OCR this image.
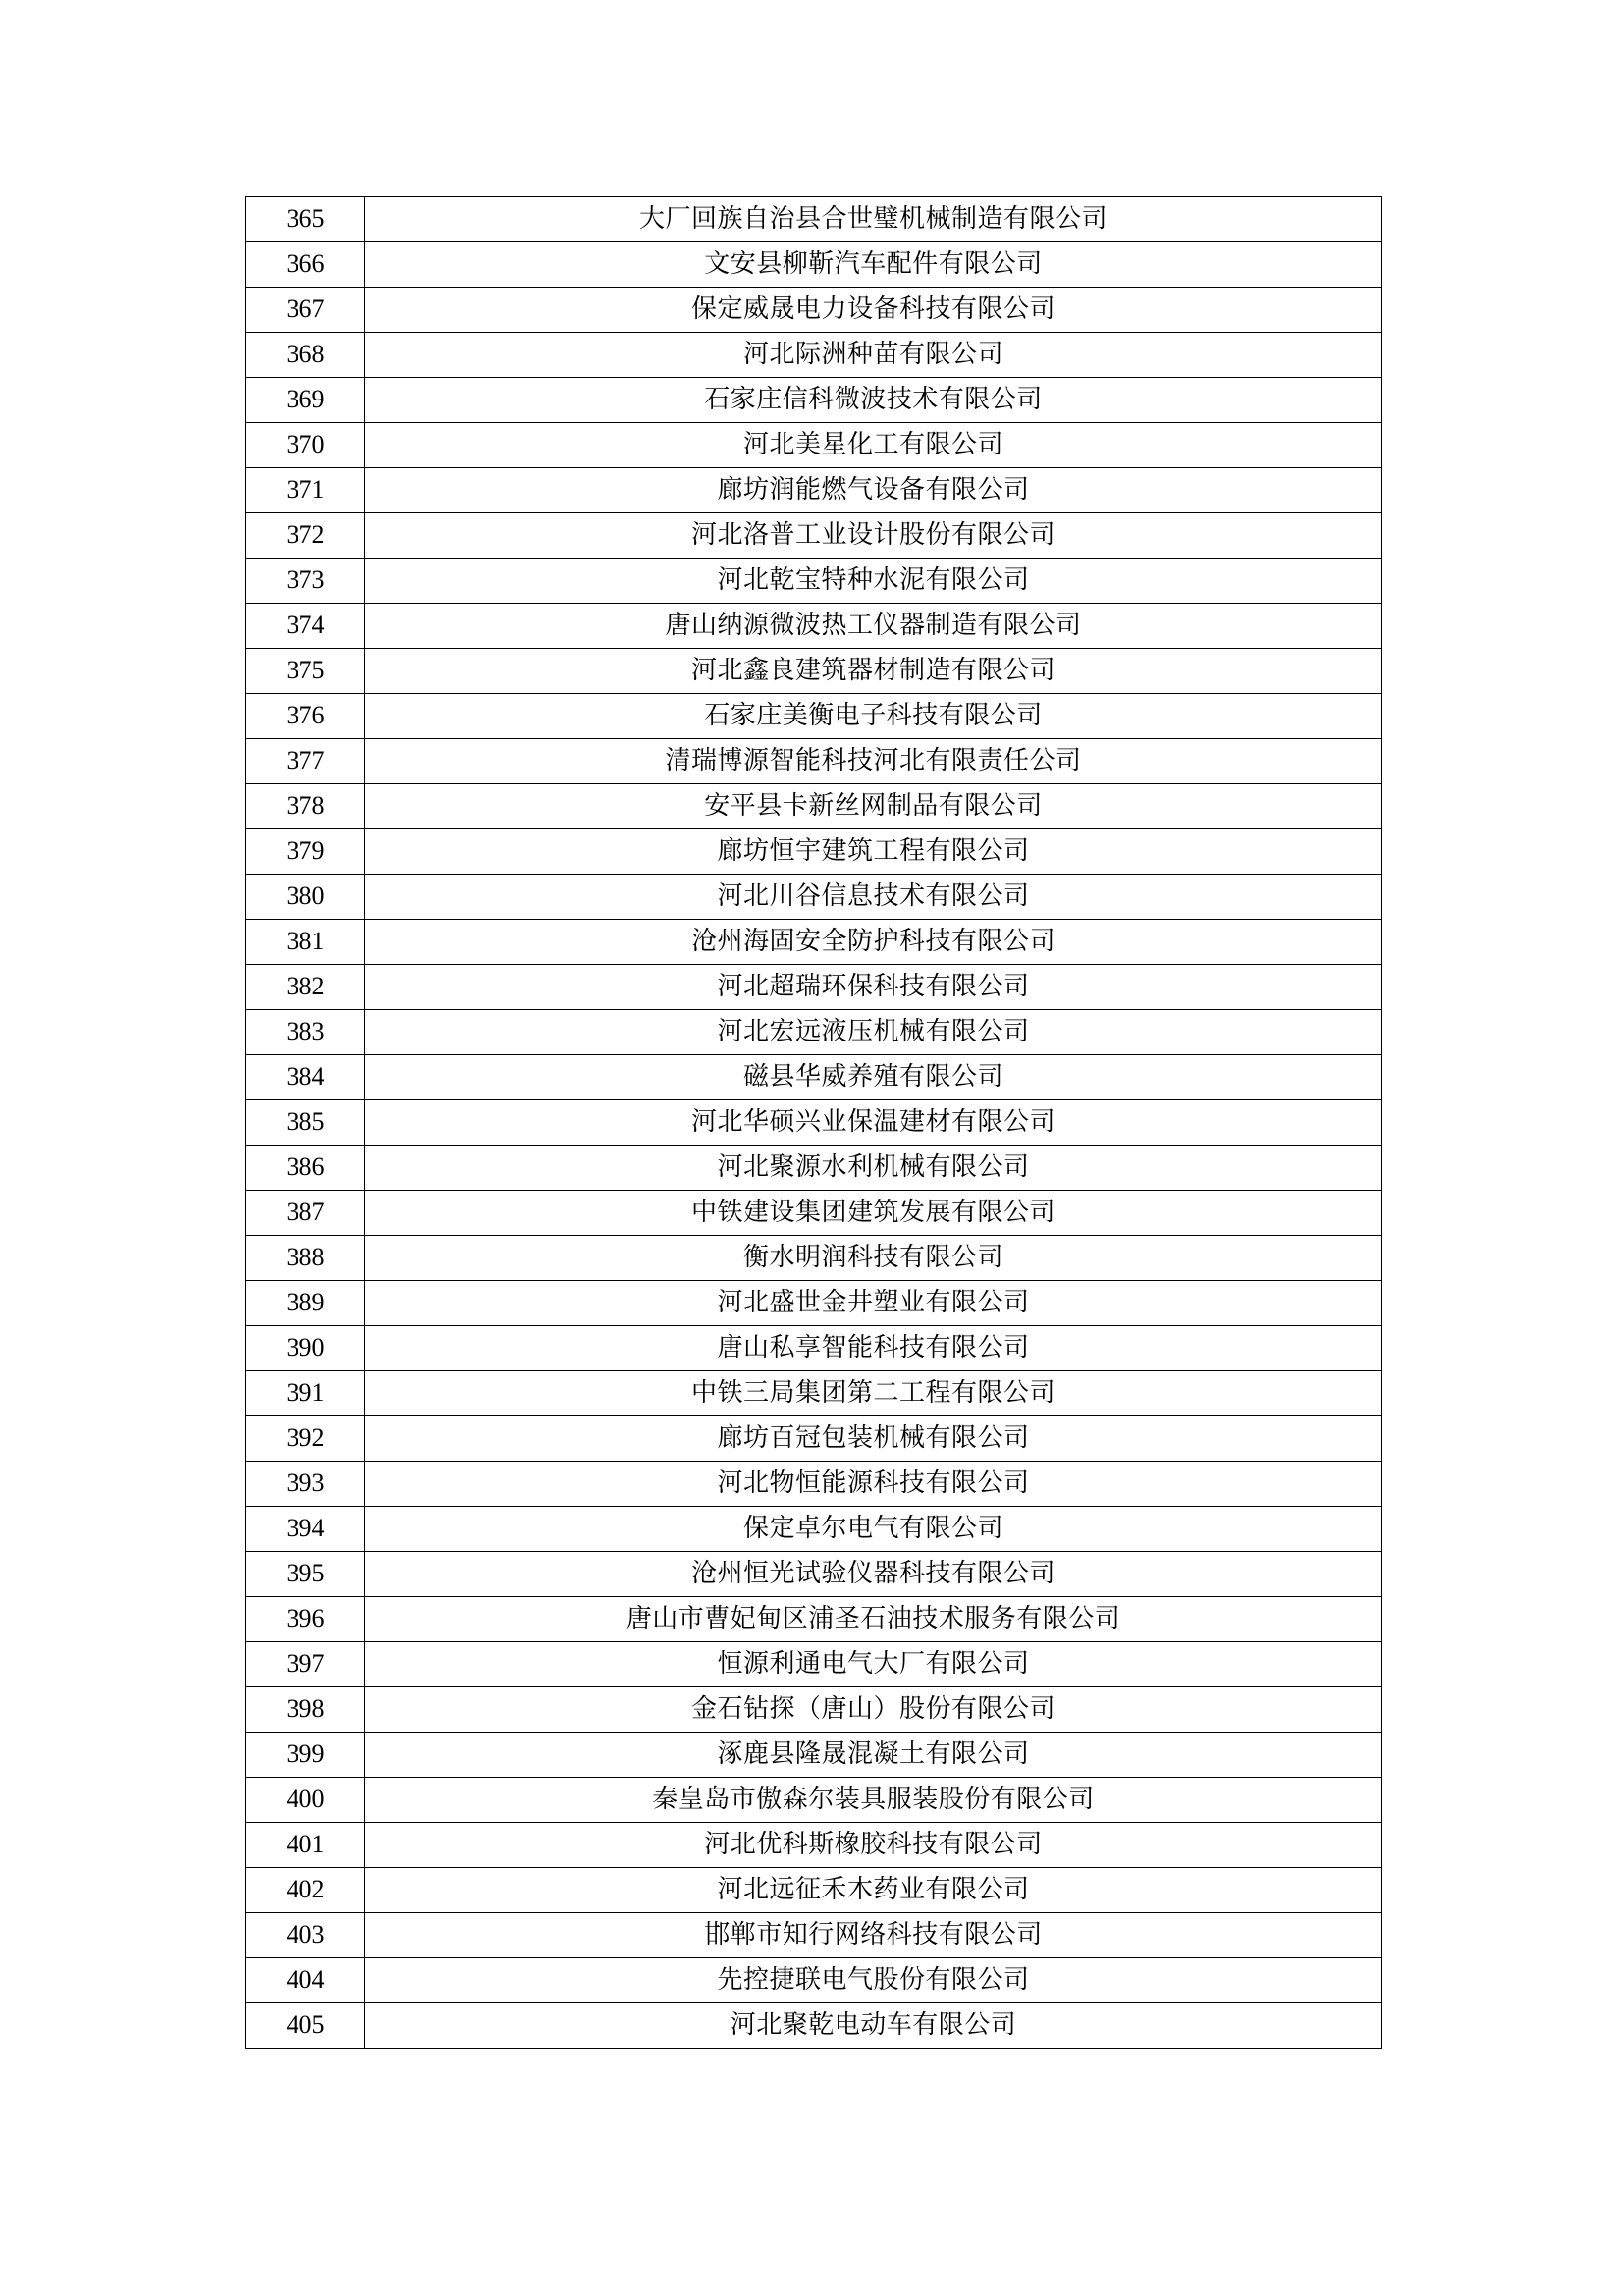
365	大厂回族自治县合世璧机械制造有限公司
366	文安县柳靳汽车配件有限公司
367	保定威晟电力设备科技有限公司
368	河北际洲种苗有限公司
369	石家庄信科微波技术有限公司
370	河北美星化工有限公司
371	廊坊润能燃气设备有限公司
372	河北洛普工业设计股份有限公司
373	河北乾宝特种水泥有限公司
374	唐山纳源微波热工仪器制造有限公司
375	河北鑫良建筑器材制造有限公司
376	石家庄美衡电子科技有限公司
377	清瑞博源智能科技河北有限责任公司
378	安平县卡新丝网制品有限公司
379	廊坊恒宇建筑工程有限公司
380	河北川谷信息技术有限公司
381	沧州海固安全防护科技有限公司
382	河北超瑞环保科技有限公司
383	河北宏远液压机械有限公司
384	磁县华威养殖有限公司
385	河北华硕兴业保温建材有限公司
386	河北聚源水利机械有限公司
387	中铁建设集团建筑发展有限公司
388	衡水明润科技有限公司
389	河北盛世金井塑业有限公司
390	唐山私享智能科技有限公司
391	中铁三局集团第二工程有限公司
392	廊坊百冠包装机械有限公司
393	河北物恒能源科技有限公司
394	保定卓尔电气有限公司
395	沧州恒光试验仪器科技有限公司
396	唐山市曹妃甸区浦圣石油技术服务有限公司
397	恒源利通电气大厂有限公司
398	金石钻探（唐山）股份有限公司
399	涿鹿县隆晟混凝土有限公司
400	秦皇岛市傲森尔装具服装股份有限公司
401	河北优科斯橡胶科技有限公司
402	河北远征禾木药业有限公司
403	邯郸市知行网络科技有限公司
404	先控捷联电气股份有限公司
405	河北聚乾电动车有限公司
